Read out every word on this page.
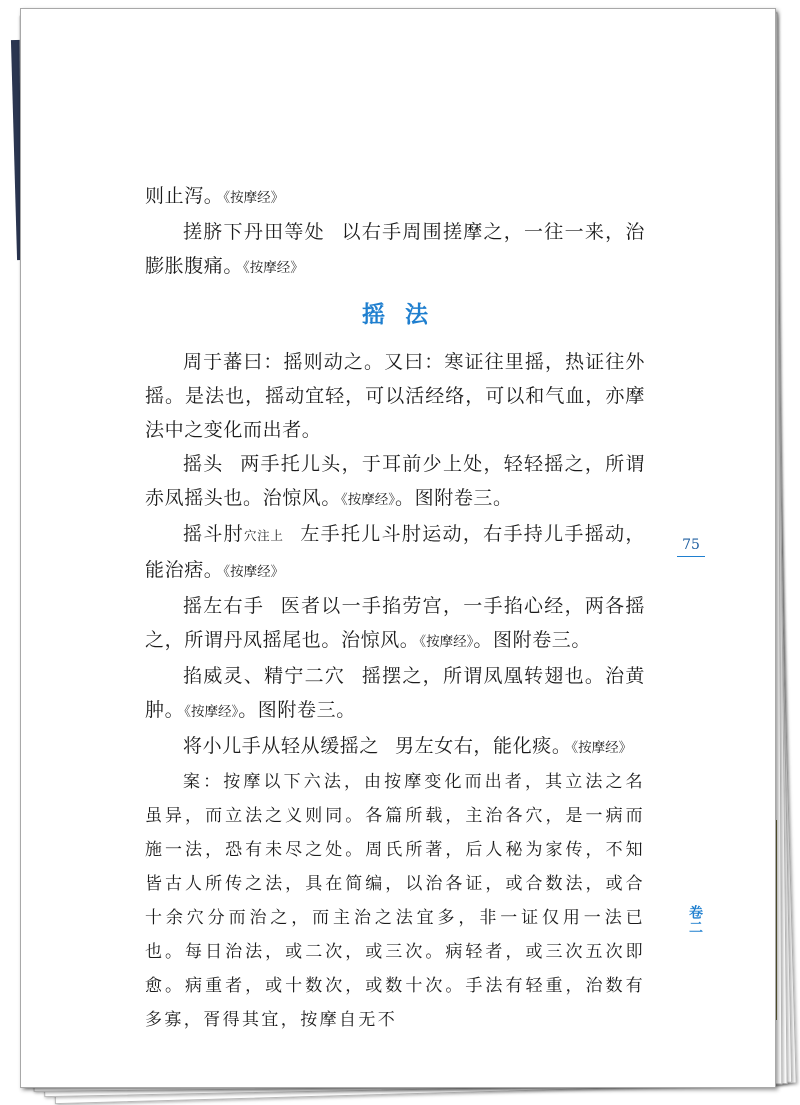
则止泻。《按摩经》

搓脐下丹田等处 以右手周围搓摩之，一往一来，治膨胀腹痛。《按摩经》

摇法

周于蕃曰：摇则动之。又曰：寒证往里摇，热证往外摇。是法也，摇动宜轻，可以活经络，可以和气血，亦摩法中之变化而出者。

摇头 两手托儿头，于耳前少上处，轻轻摇之，所谓赤凤摇头也。治惊风。《按摩经》。图附卷三。

摇斗肘穴注上 左手托儿斗肘运动，右手持儿手摇动，能治痞。《按摩经》

摇左右手 医者以一手掐劳宫，一手掐心经，两各摇之，所谓丹凤摇尾也。治惊风。《按摩经》。图附卷三。

掐威灵、精宁二穴 摇摆之，所谓凤凰转翅也。治黄肿。《按摩经》。图附卷三。

将小儿手从轻从缓摇之 男左女右，能化痰。《按摩经》

案：按摩以下六法，由按摩变化而出者，其立法之名虽异，而立法之义则同。各篇所载，主治各穴，是一病而施一法，恐有未尽之处。周氏所著，后人秘为家传，不知皆古人所传之法，具在简编，以治各证，或合数法，或合十余穴分而治之，而主治之法宜多，非一证仅用一法已也。每日治法，或二次，或三次。病轻者，或三次五次即愈。病重者，或十数次，或数十次。手法有轻重，治数有多寡，胥得其宜，按摩自无不

75
卷二
